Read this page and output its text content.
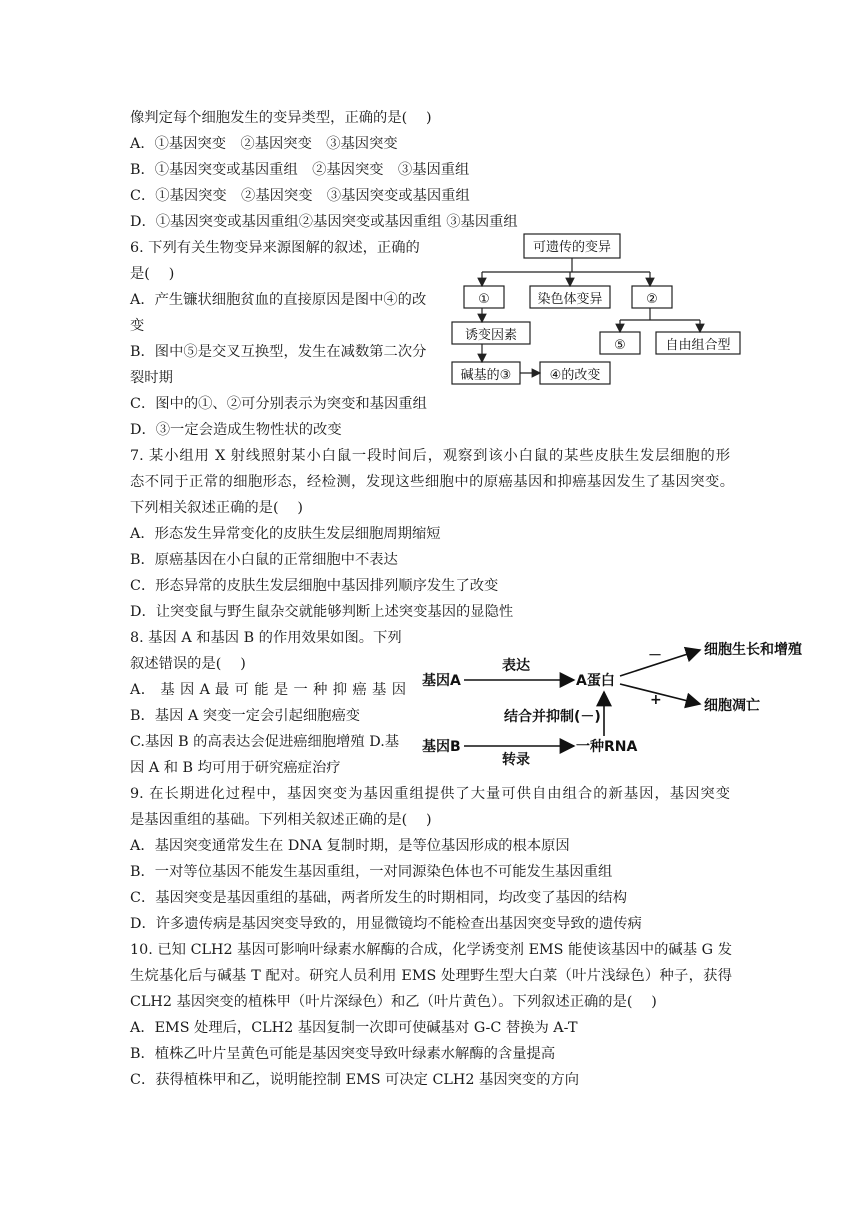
像判定每个细胞发生的变异类型，正确的是(　 )
A．①基因突变　②基因突变　③基因突变
B．①基因突变或基因重组　②基因突变　③基因重组
C．①基因突变　②基因突变　③基因突变或基因重组
D．①基因突变或基因重组②基因突变或基因重组 ③基因重组
6. 下列有关生物变异来源图解的叙述，正确的
是(　 )
A．产生镰状细胞贫血的直接原因是图中④的改
变
B．图中⑤是交叉互换型，发生在减数第二次分
裂时期
C．图中的①、②可分别表示为突变和基因重组
D．③一定会造成生物性状的改变
7. 某小组用 X 射线照射某小白鼠一段时间后，观察到该小白鼠的某些皮肤生发层细胞的形
态不同于正常的细胞形态，经检测，发现这些细胞中的原癌基因和抑癌基因发生了基因突变。
下列相关叙述正确的是(　 )
A．形态发生异常变化的皮肤生发层细胞周期缩短
B．原癌基因在小白鼠的正常细胞中不表达
C．形态异常的皮肤生发层细胞中基因排列顺序发生了改变
D．让突变鼠与野生鼠杂交就能够判断上述突变基因的显隐性
8. 基因 A 和基因 B 的作用效果如图。下列
叙述错误的是(　 )
A． 基 因 A 最 可 能 是 一 种 抑 癌 基 因
B．基因 A 突变一定会引起细胞癌变
C.基因 B 的高表达会促进癌细胞增殖 D.基
因 A 和 B 均可用于研究癌症治疗
9. 在长期进化过程中，基因突变为基因重组提供了大量可供自由组合的新基因，基因突变
是基因重组的基础。下列相关叙述正确的是(　 )
A．基因突变通常发生在 DNA 复制时期，是等位基因形成的根本原因
B．一对等位基因不能发生基因重组，一对同源染色体也不可能发生基因重组
C．基因突变是基因重组的基础，两者所发生的时期相同，均改变了基因的结构
D．许多遗传病是基因突变导致的，用显微镜均不能检查出基因突变导致的遗传病
10. 已知 CLH2 基因可影响叶绿素水解酶的合成，化学诱变剂 EMS 能使该基因中的碱基 G 发
生烷基化后与碱基 T 配对。研究人员利用 EMS 处理野生型大白菜（叶片浅绿色）种子，获得
CLH2 基因突变的植株甲（叶片深绿色）和乙（叶片黄色）。下列叙述正确的是(　 )
A．EMS 处理后，CLH2 基因复制一次即可使碱基对 G-C 替换为 A-T
B．植株乙叶片呈黄色可能是基因突变导致叶绿素水解酶的含量提高
C．获得植株甲和乙，说明能控制 EMS 可决定 CLH2 基因突变的方向
可遗传的变异
①	染色体变异	②
诱变因素
碱基的③	④的改变
⑤	自由组合型
基因A
表达
A蛋白
－
+
细胞生长和增殖
细胞凋亡
结合并抑制(－)
基因B
转录
一种RNA
